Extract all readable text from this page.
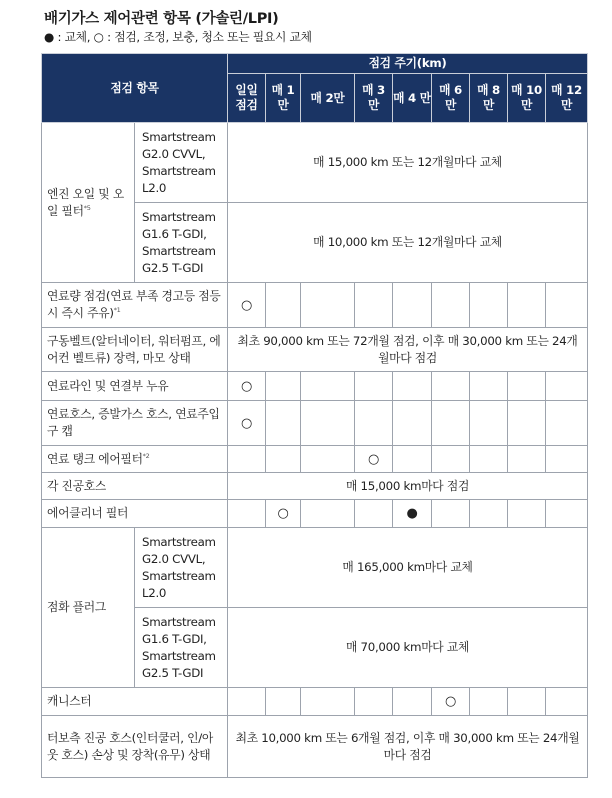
배기가스 제어관련 항목 (가솔린/LPI)
● : 교체, ○ : 점검, 조정, 보충, 청소 또는 필요시 교체
점검 항목		점검 주기(km)								
		일일 점검	매 1 만	매 2만	매 3 만	매 4 만	매 6 만	매 8 만	매 10 만	매 12 만
엔진 오일 및 오일 필터$^{*5}$	Smartstream G2.0 CVVL, Smartstream L2.0	매 15,000 km 또는 12개월마다 교체								
	Smartstream G1.6 T-GDI, Smartstream G2.5 T-GDI	매 10,000 km 또는 12개월마다 교체								
연료량 점검(연료 부족 경고등 점등시 즉시 주유)$^{*1}$		○								
구동벨트(알터네이터, 워터펌프, 에어컨 벨트류) 장력, 마모 상태		최초 90,000 km 또는 72개월 점검, 이후 매 30,000 km 또는 24개월마다 점검								
연료라인 및 연결부 누유		○								
연료호스, 증발가스 호스, 연료주입구 캡		○								
연료 탱크 에어필터$^{*2}$					○					
각 진공호스		매 15,000 km마다 점검								
에어클리너 필터			○			●				
점화 플러그	Smartstream G2.0 CVVL, Smartstream L2.0	매 165,000 km마다 교체								
	Smartstream G1.6 T-GDI, Smartstream G2.5 T-GDI	매 70,000 km마다 교체								
캐니스터							○			
터보측 진공 호스(인터쿨러, 인/아웃 호스) 손상 및 장착(유무) 상태		최초 10,000 km 또는 6개월 점검, 이후 매 30,000 km 또는 24개월마다 점검								
